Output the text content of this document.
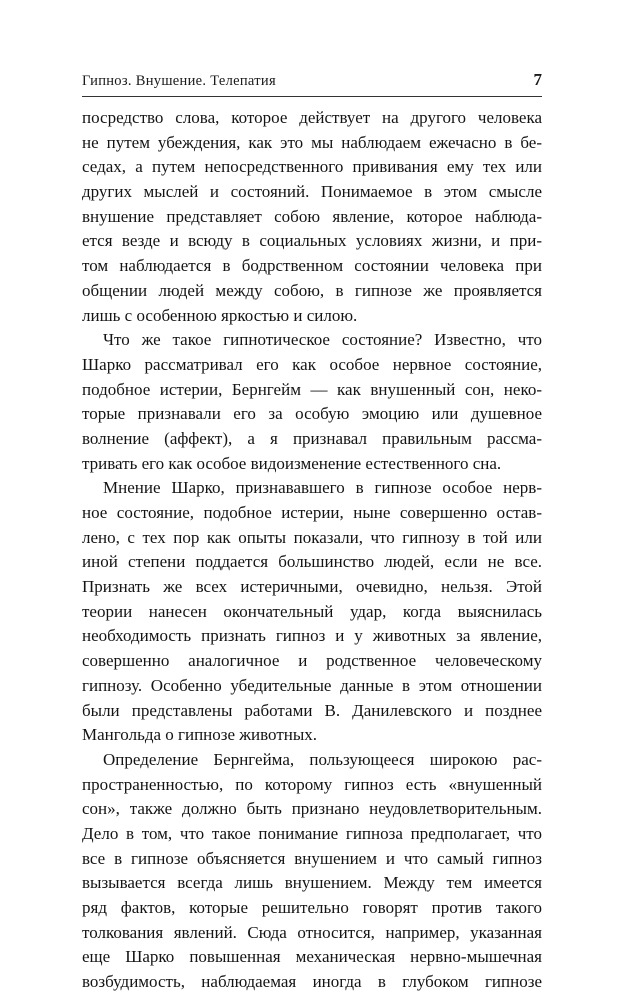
Гипноз. Внушение. Телепатия	7
посредство слова, которое действует на другого человека
не путем убеждения, как это мы наблюдаем ежечасно в бе-
седах, а путем непосредственного прививания ему тех или
других мыслей и состояний. Понимаемое в этом смысле
внушение представляет собою явление, которое наблюда-
ется везде и всюду в социальных условиях жизни, и при-
том наблюдается в бодрственном состоянии человека при
общении людей между собою, в гипнозе же проявляется
лишь с особенною яркостью и силою.
Что же такое гипнотическое состояние? Известно, что
Шарко рассматривал его как особое нервное состояние,
подобное истерии, Бернгейм — как внушенный сон, неко-
торые признавали его за особую эмоцию или душевное
волнение (аффект), а я признавал правильным рассма-
тривать его как особое видоизменение естественного сна.
Мнение Шарко, признававшего в гипнозе особое нерв-
ное состояние, подобное истерии, ныне совершенно остав-
лено, с тех пор как опыты показали, что гипнозу в той или
иной степени поддается большинство людей, если не все.
Признать же всех истеричными, очевидно, нельзя. Этой
теории нанесен окончательный удар, когда выяснилась
необходимость признать гипноз и у животных за явление,
совершенно аналогичное и родственное человеческому
гипнозу. Особенно убедительные данные в этом отношении
были представлены работами В. Данилевского и позднее
Мангольда о гипнозе животных.
Определение Бернгейма, пользующееся широкою рас-
пространенностью, по которому гипноз есть «внушенный
сон», также должно быть признано неудовлетворительным.
Дело в том, что такое понимание гипноза предполагает, что
все в гипнозе объясняется внушением и что самый гипноз
вызывается всегда лишь внушением. Между тем имеется
ряд фактов, которые решительно говорят против такого
толкования явлений. Сюда относится, например, указанная
еще Шарко повышенная механическая нервно-мышечная
возбудимость, наблюдаемая иногда в глубоком гипнозе
